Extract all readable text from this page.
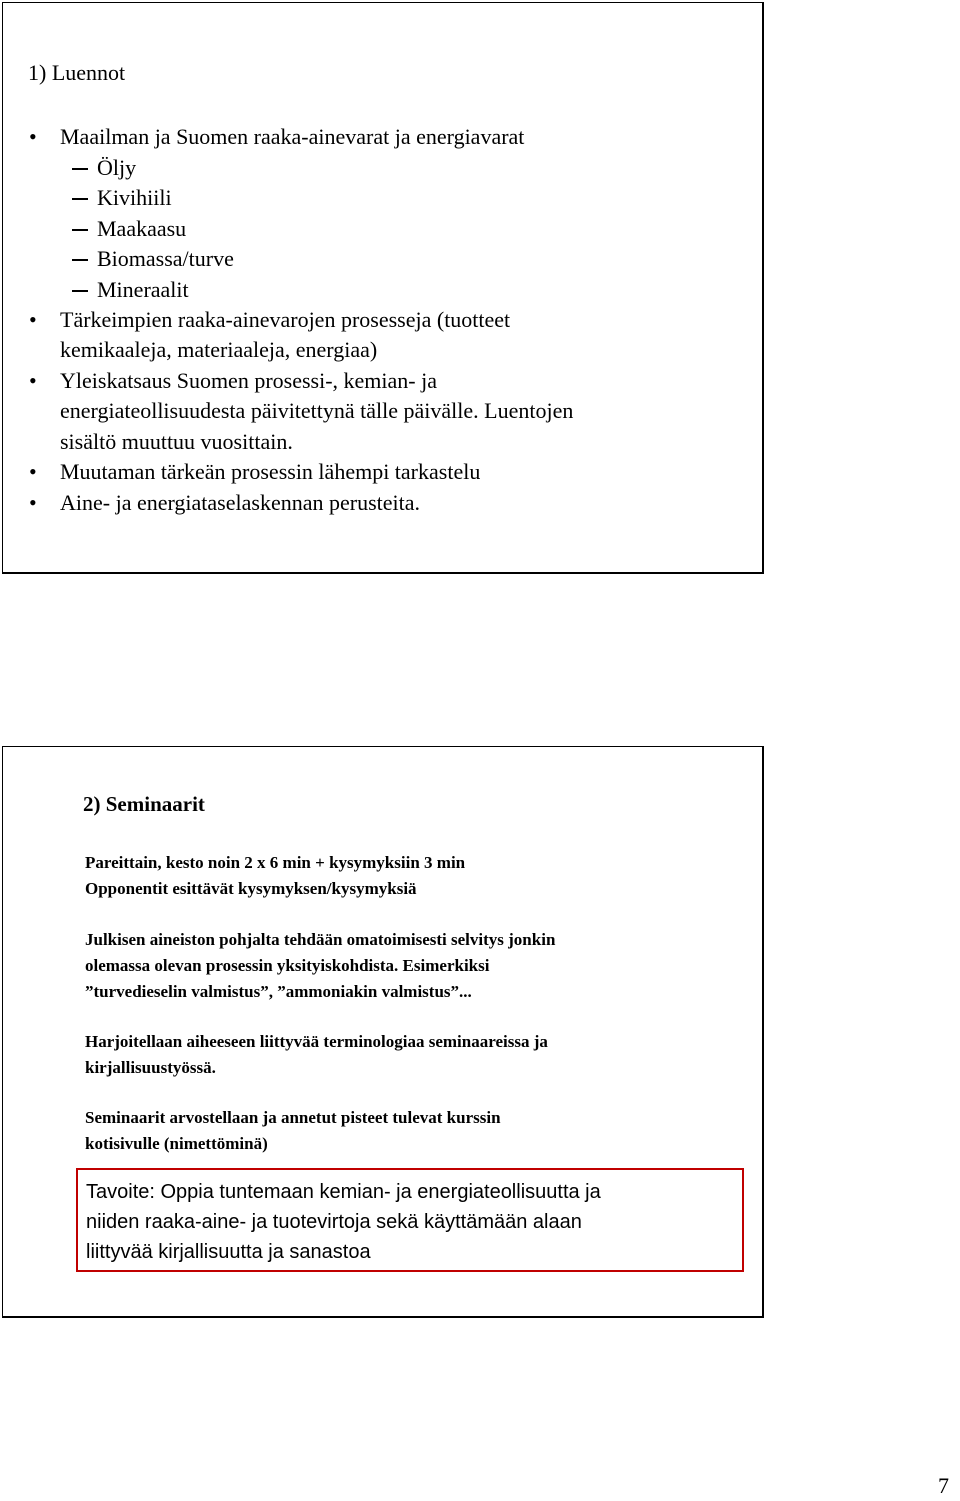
1) Luennot
• Maailman ja Suomen raaka-ainevarat ja energiavarat
Öljy
Kivihiili
Maakaasu
Biomassa/turve
Mineraalit
• Tärkeimpien raaka-ainevarojen prosesseja (tuotteet
kemikaaleja, materiaaleja, energiaa)
• Yleiskatsaus Suomen prosessi-, kemian- ja
energiateollisuudesta päivitettynä tälle päivälle. Luentojen
sisältö muuttuu vuosittain.
• Muutaman tärkeän prosessin lähempi tarkastelu
• Aine- ja energiataselaskennan perusteita.
2) Seminaarit
Pareittain, kesto noin 2 x 6 min + kysymyksiin 3 min
Opponentit esittävät kysymyksen/kysymyksiä
Julkisen aineiston pohjalta tehdään omatoimisesti selvitys jonkin
olemassa olevan prosessin yksityiskohdista. Esimerkiksi
”turvedieselin valmistus”, ”ammoniakin valmistus”...
Harjoitellaan aiheeseen liittyvää terminologiaa seminaareissa ja
kirjallisuustyössä.
Seminaarit arvostellaan ja annetut pisteet tulevat kurssin
kotisivulle (nimettöminä)
Tavoite: Oppia tuntemaan kemian- ja energiateollisuutta ja
niiden raaka-aine- ja tuotevirtoja sekä käyttämään alaan
liittyvää kirjallisuutta ja sanastoa
7
